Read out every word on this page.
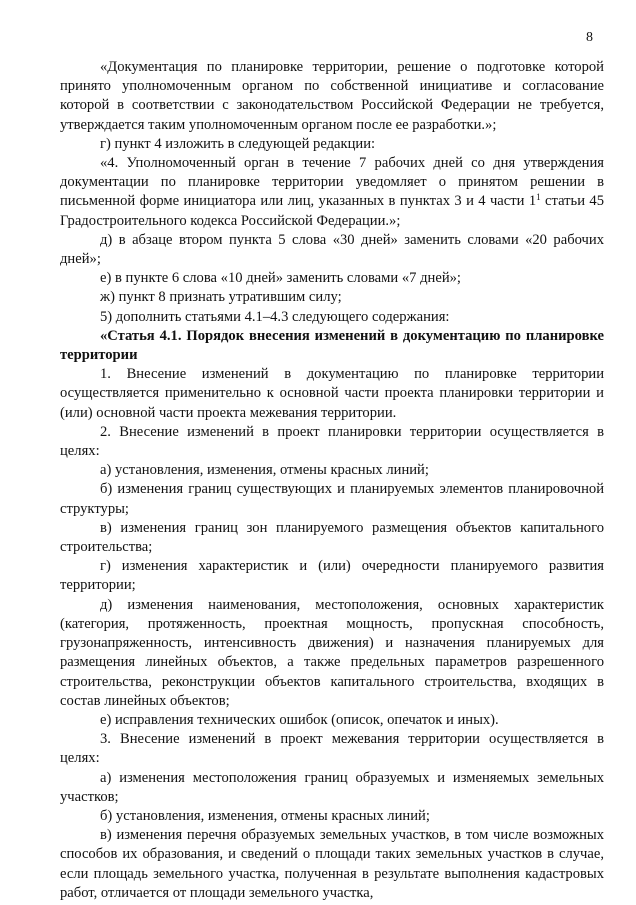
8

«Документация по планировке территории, решение о подготовке которой принято уполномоченным органом по собственной инициативе и согласование которой в соответствии с законодательством Российской Федерации не требуется, утверждается таким уполномоченным органом после ее разработки.»;

г) пункт 4 изложить в следующей редакции:

«4. Уполномоченный орган в течение 7 рабочих дней со дня утверждения документации по планировке территории уведомляет о принятом решении в письменной форме инициатора или лиц, указанных в пунктах 3 и 4 части $1^1$ статьи 45 Градостроительного кодекса Российской Федерации.»;

д) в абзаце втором пункта 5 слова «30 дней» заменить словами «20 рабочих дней»;

е) в пункте 6 слова «10 дней» заменить словами «7 дней»;

ж) пункт 8 признать утратившим силу;

5) дополнить статьями 4.1–4.3 следующего содержания:

«Статья 4.1. Порядок внесения изменений в документацию по планировке территории

1. Внесение изменений в документацию по планировке территории осуществляется применительно к основной части проекта планировки территории и (или) основной части проекта межевания территории.

2. Внесение изменений в проект планировки территории осуществляется в целях:

а) установления, изменения, отмены красных линий;

б) изменения границ существующих и планируемых элементов планировочной структуры;

в) изменения границ зон планируемого размещения объектов капитального строительства;

г) изменения характеристик и (или) очередности планируемого развития территории;

д) изменения наименования, местоположения, основных характеристик (категория, протяженность, проектная мощность, пропускная способность, грузонапряженность, интенсивность движения) и назначения планируемых для размещения линейных объектов, а также предельных параметров разрешенного строительства, реконструкции объектов капитального строительства, входящих в состав линейных объектов;

е) исправления технических ошибок (описок, опечаток и иных).

3. Внесение изменений в проект межевания территории осуществляется в целях:

а) изменения местоположения границ образуемых и изменяемых земельных участков;

б) установления, изменения, отмены красных линий;

в) изменения перечня образуемых земельных участков, в том числе возможных способов их образования, и сведений о площади таких земельных участков в случае, если площадь земельного участка, полученная в результате выполнения кадастровых работ, отличается от площади земельного участка,
